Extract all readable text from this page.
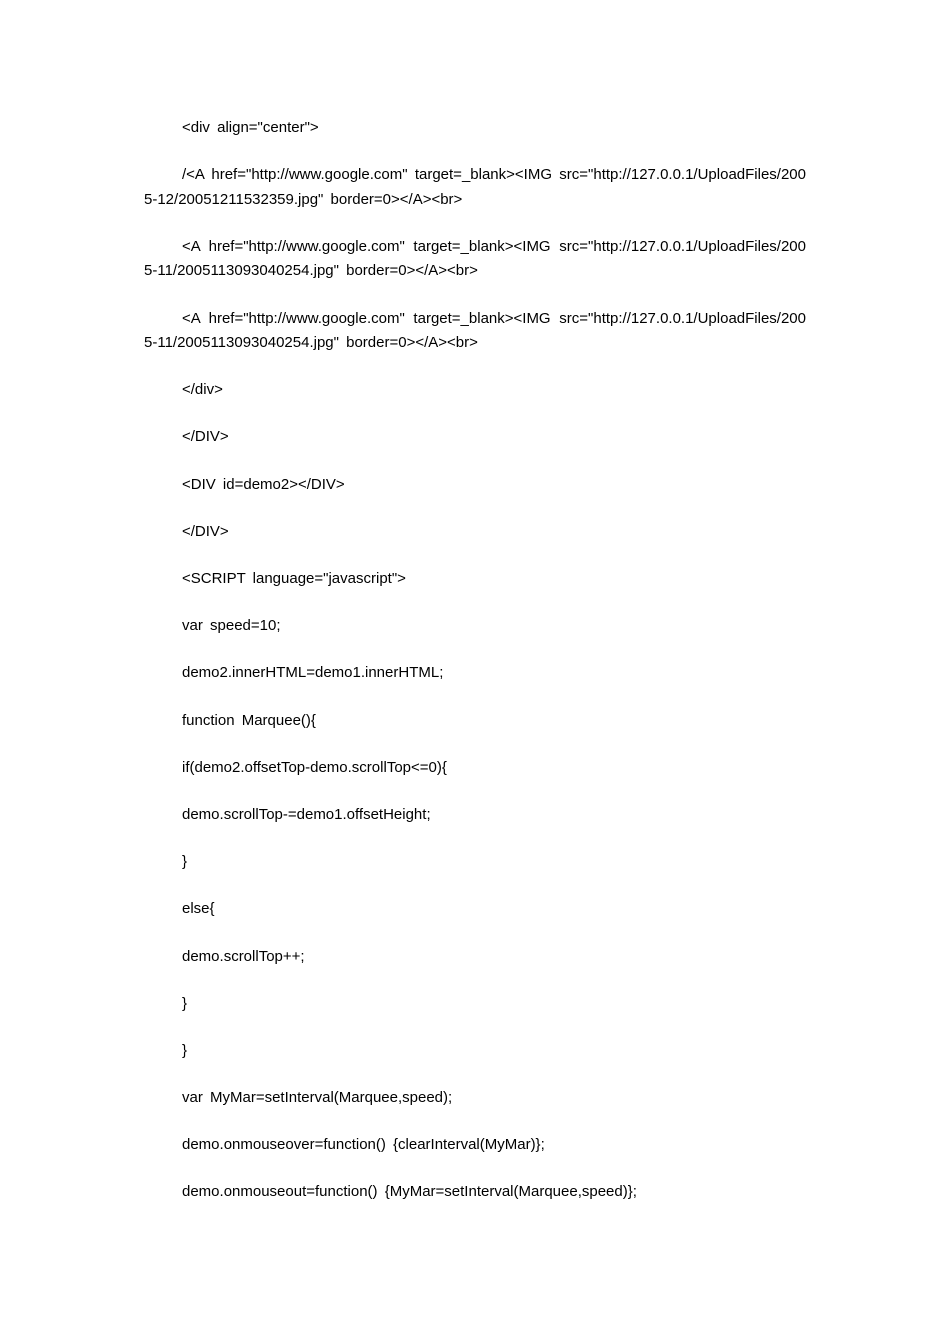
<div align="center">

/<A href="http://www.google.com" target=_blank><IMG src="http://127.0.0.1/UploadFiles/2005-12/20051211532359.jpg" border=0></A><br>

<A href="http://www.google.com" target=_blank><IMG src="http://127.0.0.1/UploadFiles/2005-11/2005113093040254.jpg" border=0></A><br>

<A href="http://www.google.com" target=_blank><IMG src="http://127.0.0.1/UploadFiles/2005-11/2005113093040254.jpg" border=0></A><br>

</div>

</DIV>

<DIV id=demo2></DIV>

</DIV>

<SCRIPT language="javascript">

var speed=10;

demo2.innerHTML=demo1.innerHTML;

function Marquee(){

if(demo2.offsetTop-demo.scrollTop<=0){

demo.scrollTop-=demo1.offsetHeight;

}

else{

demo.scrollTop++;

}

}

var MyMar=setInterval(Marquee,speed);

demo.onmouseover=function() {clearInterval(MyMar)};

demo.onmouseout=function() {MyMar=setInterval(Marquee,speed)};
